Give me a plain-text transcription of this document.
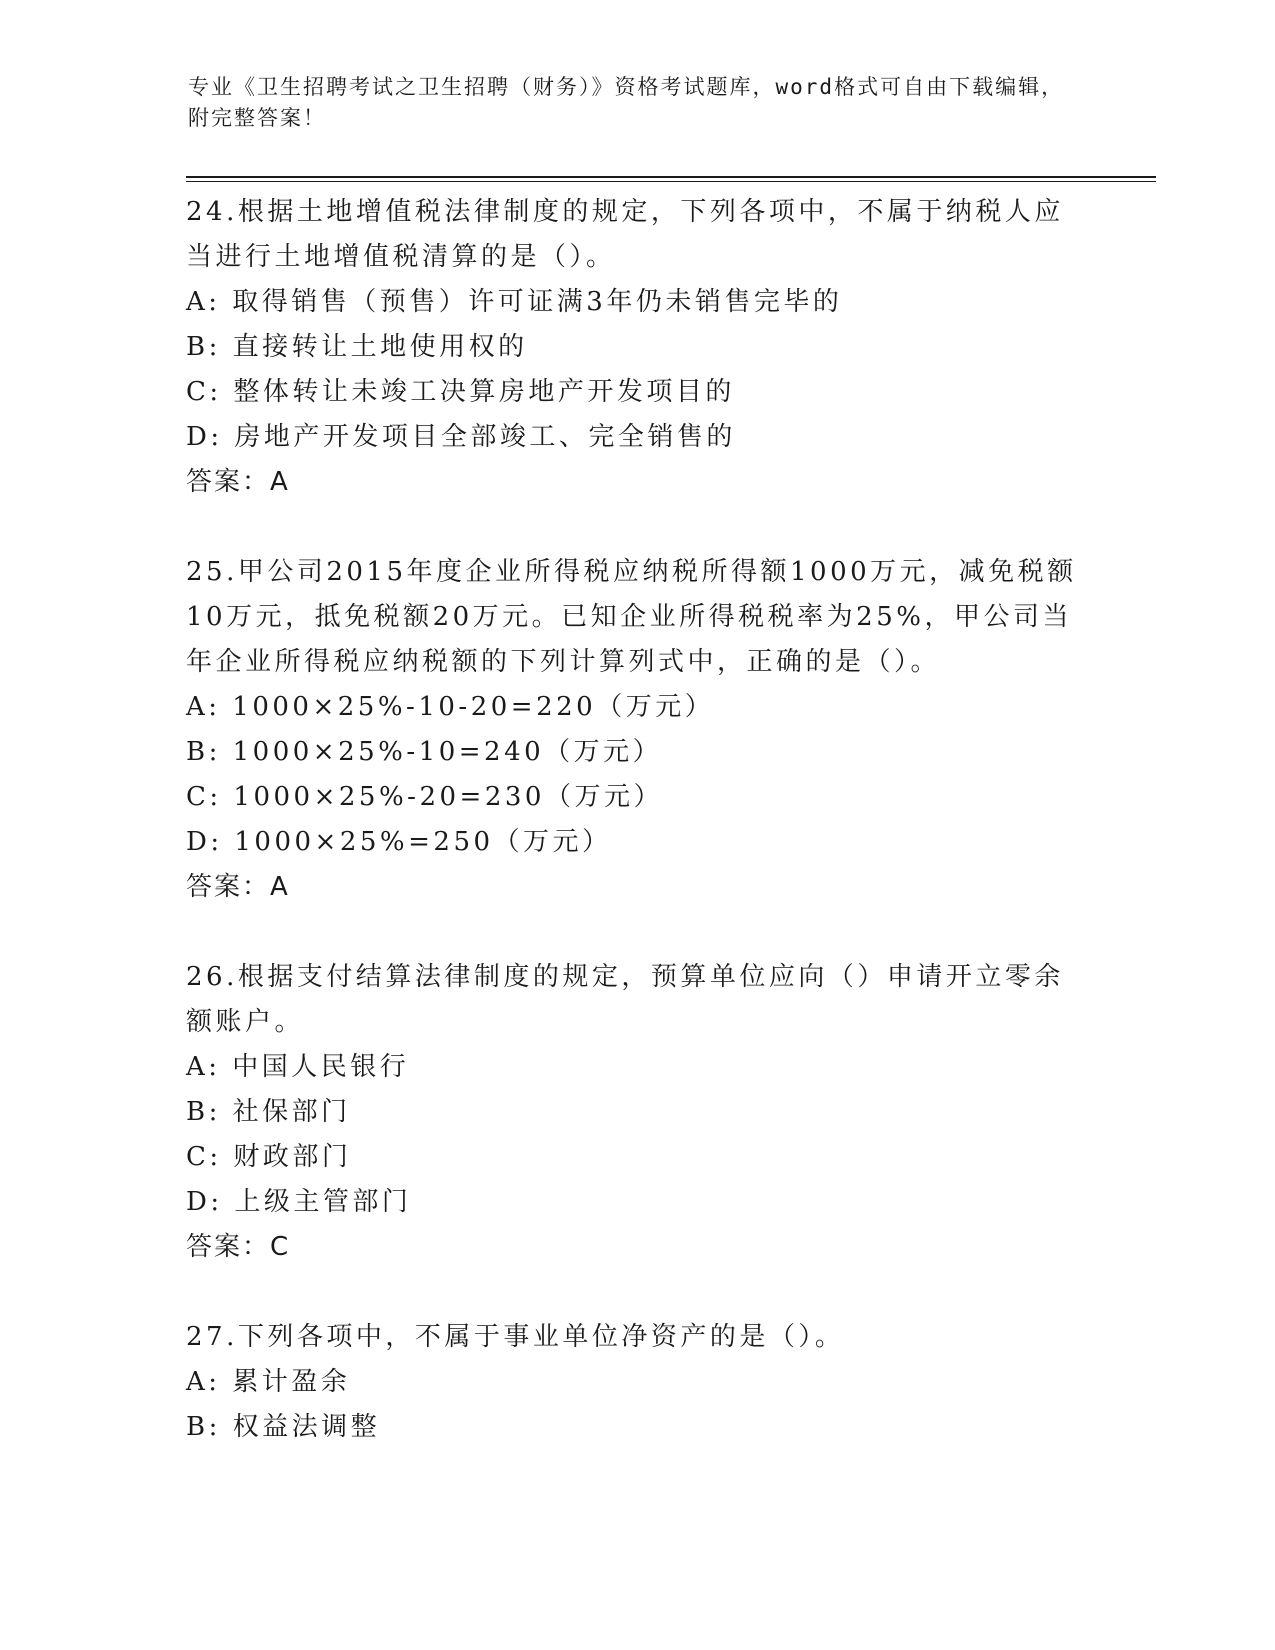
专业《卫生招聘考试之卫生招聘（财务）》资格考试题库，word格式可自由下载编辑，附完整答案！

24.根据土地增值税法律制度的规定，下列各项中，不属于纳税人应当进行土地增值税清算的是（）。

A: 取得销售（预售）许可证满3年仍未销售完毕的

B: 直接转让土地使用权的

C: 整体转让未竣工决算房地产开发项目的

D: 房地产开发项目全部竣工、完全销售的

答案：A

25.甲公司2015年度企业所得税应纳税所得额1000万元，减免税额10万元，抵免税额20万元。已知企业所得税税率为25%，甲公司当年企业所得税应纳税额的下列计算列式中，正确的是（）。

A: 1000×25%-10-20=220（万元）

B: 1000×25%-10=240（万元）

C: 1000×25%-20=230（万元）

D: 1000×25%=250（万元）

答案：A

26.根据支付结算法律制度的规定，预算单位应向（）申请开立零余额账户。

A: 中国人民银行

B: 社保部门

C: 财政部门

D: 上级主管部门

答案：C

27.下列各项中，不属于事业单位净资产的是（）。

A: 累计盈余

B: 权益法调整
